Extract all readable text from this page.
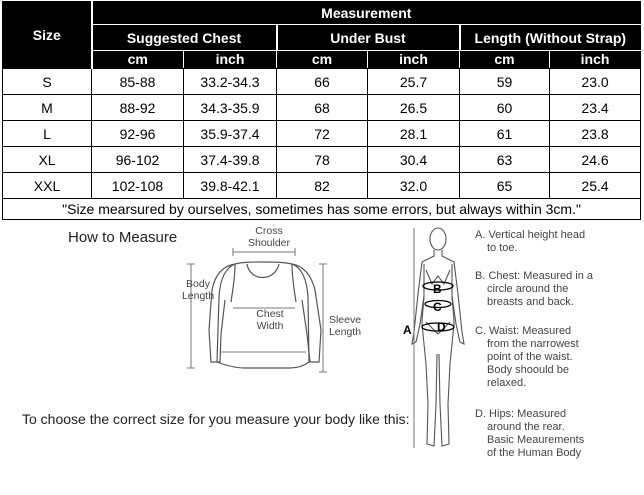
Size	Measurement					
	Suggested Chest		Under Bust		Length (Without Strap)	
	cm	inch	cm	inch	cm	inch
S	85-88	33.2-34.3	66	25.7	59	23.0
M	88-92	34.3-35.9	68	26.5	60	23.4
L	92-96	35.9-37.4	72	28.1	61	23.8
XL	96-102	37.4-39.8	78	30.4	63	24.6
XXL	102-108	39.8-42.1	82	32.0	65	25.4
"Size mearsured by ourselves, sometimes has some errors, but always within 3cm."						
How to Measure	Cross
Shoulder
Body
Length
Chest
Width	Sleeve
Length
To choose the correct size for you measure your body like this:
B
C
D
A
A. Vertical height head
to toe.
B. Chest: Measured in a
circle around the
breasts and back.
C. Waist: Measured
from the narrowest
point of the waist.
Body shoould be
relaxed.
D. Hips: Measured
around the rear.
Basic Meaurements
of the Human Body
